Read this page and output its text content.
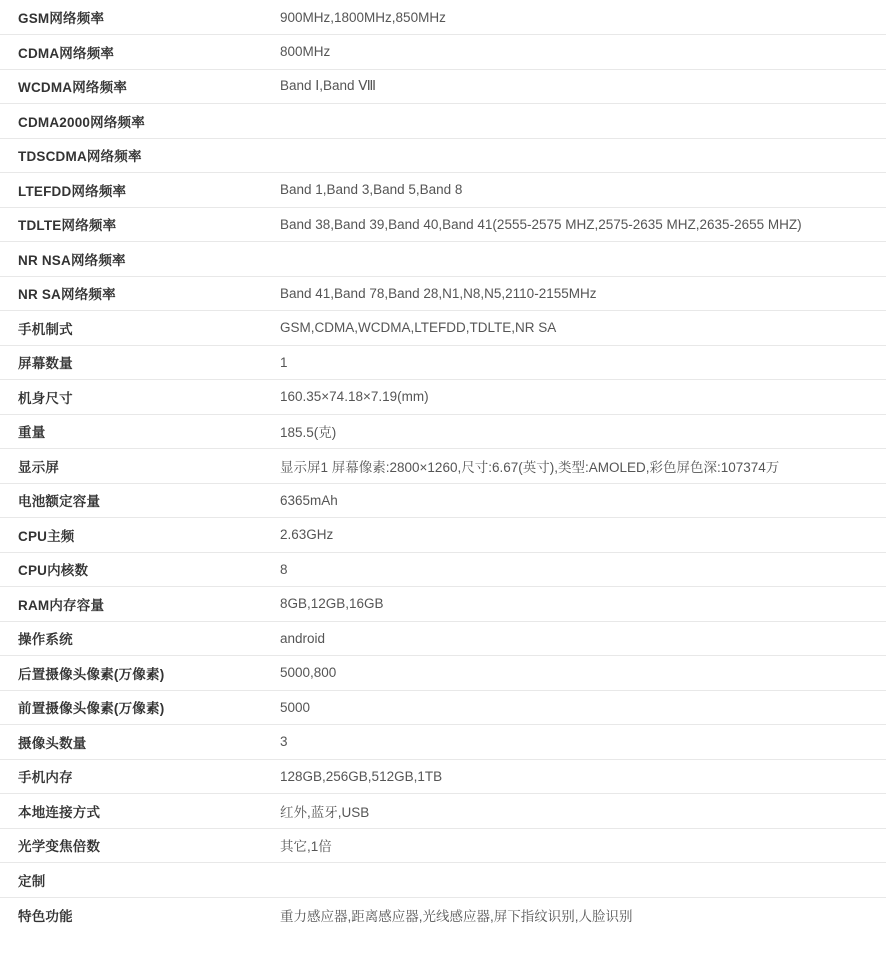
GSM网络频率	900MHz,1800MHz,850MHz
CDMA网络频率	800MHz
WCDMA网络频率	Band Ⅰ,Band Ⅷ
CDMA2000网络频率	
TDSCDMA网络频率	
LTEFDD网络频率	Band 1,Band 3,Band 5,Band 8
TDLTE网络频率	Band 38,Band 39,Band 40,Band 41(2555-2575 MHZ,2575-2635 MHZ,2635-2655 MHZ)
NR NSA网络频率	
NR SA网络频率	Band 41,Band 78,Band 28,N1,N8,N5,2110-2155MHz
手机制式	GSM,CDMA,WCDMA,LTEFDD,TDLTE,NR SA
屏幕数量	1
机身尺寸	160.35×74.18×7.19(mm)
重量	185.5(克)
显示屏	显示屏1 屏幕像素:2800×1260,尺寸:6.67(英寸),类型:AMOLED,彩色屏色深:107374万
电池额定容量	6365mAh
CPU主频	2.63GHz
CPU内核数	8
RAM内存容量	8GB,12GB,16GB
操作系统	android
后置摄像头像素(万像素)	5000,800
前置摄像头像素(万像素)	5000
摄像头数量	3
手机内存	128GB,256GB,512GB,1TB
本地连接方式	红外,蓝牙,USB
光学变焦倍数	其它,1倍
定制	
特色功能	重力感应器,距离感应器,光线感应器,屏下指纹识别,人脸识别
